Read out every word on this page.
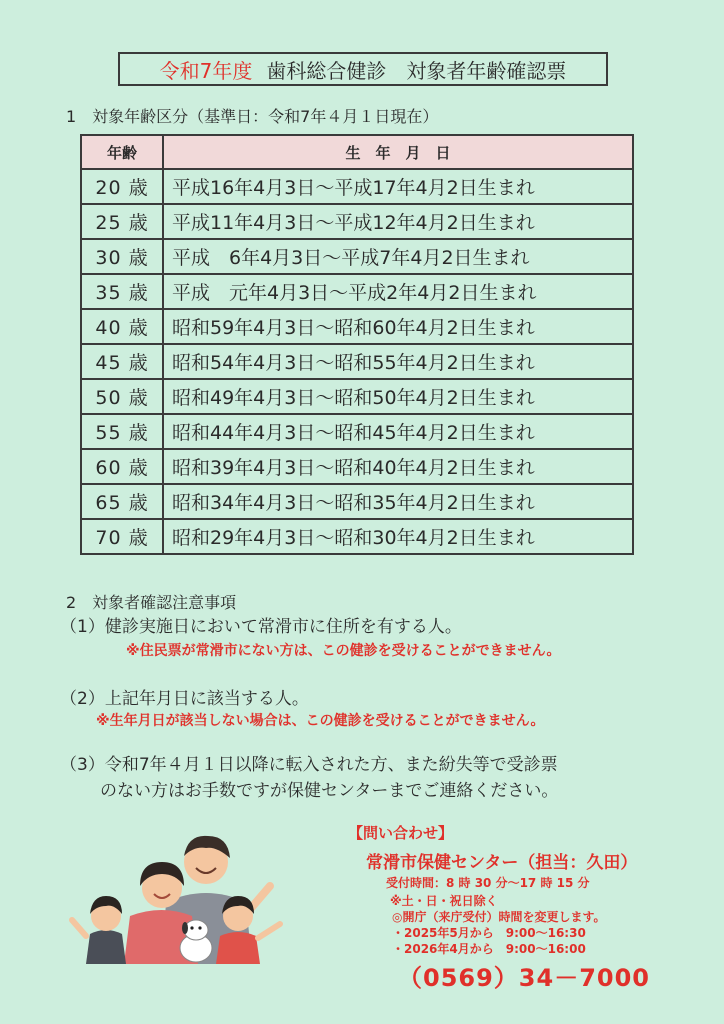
令和7年度 歯科総合健診　対象者年齢確認票
1　対象年齢区分（基準日：令和7年４月１日現在）
年齢	生　年　月　日
20 歳	平成16年4月3日～平成17年4月2日生まれ
25 歳	平成11年4月3日～平成12年4月2日生まれ
30 歳	平成　6年4月3日～平成7年4月2日生まれ
35 歳	平成　元年4月3日～平成2年4月2日生まれ
40 歳	昭和59年4月3日～昭和60年4月2日生まれ
45 歳	昭和54年4月3日～昭和55年4月2日生まれ
50 歳	昭和49年4月3日～昭和50年4月2日生まれ
55 歳	昭和44年4月3日～昭和45年4月2日生まれ
60 歳	昭和39年4月3日～昭和40年4月2日生まれ
65 歳	昭和34年4月3日～昭和35年4月2日生まれ
70 歳	昭和29年4月3日～昭和30年4月2日生まれ
2　対象者確認注意事項
（1）健診実施日において常滑市に住所を有する人。
※住民票が常滑市にない方は、この健診を受けることができません。
（2）上記年月日に該当する人。
※生年月日が該当しない場合は、この健診を受けることができません。
（3）令和7年４月１日以降に転入された方、また紛失等で受診票
のない方はお手数ですが保健センターまでご連絡ください。
【問い合わせ】
常滑市保健センター（担当：久田）
受付時間：8 時 30 分～17 時 15 分
※土・日・祝日除く
◎開庁（来庁受付）時間を変更します。
・2025年5月から　9:00～16:30
・2026年4月から　9:00～16:00
（0569）34－7000
